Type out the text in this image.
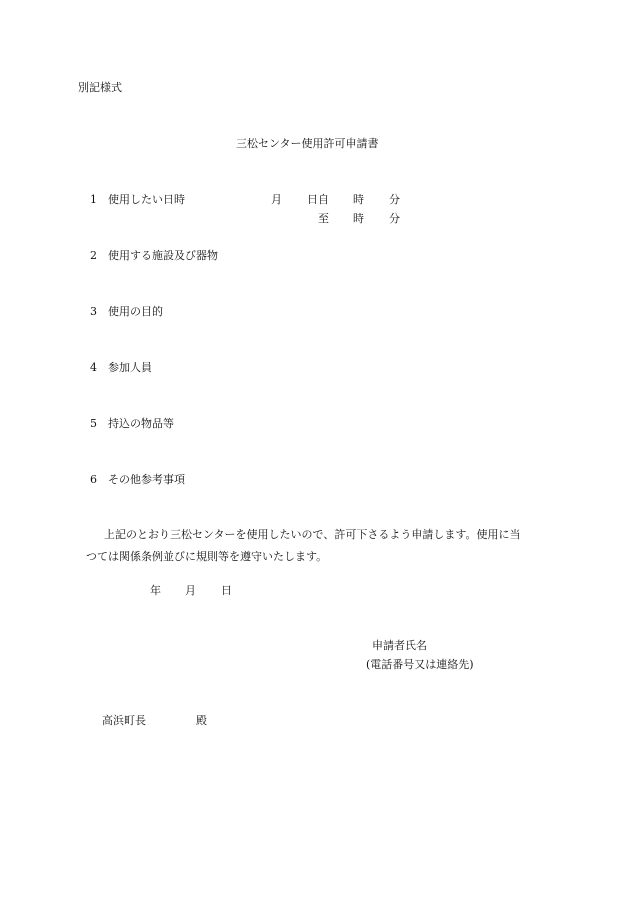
別記様式
三松センター使用許可申請書
1 使用したい日時	月 日自 時 分
至 時 分
2 使用する施設及び器物
3 使用の目的
4 参加人員
5 持込の物品等
6 その他参考事項
上記のとおり三松センターを使用したいので、許可下さるよう申請します。使用に当
つては関係条例並びに規則等を遵守いたします。
年 月 日
申請者氏名
(電話番号又は連絡先)
高浜町長	殿
